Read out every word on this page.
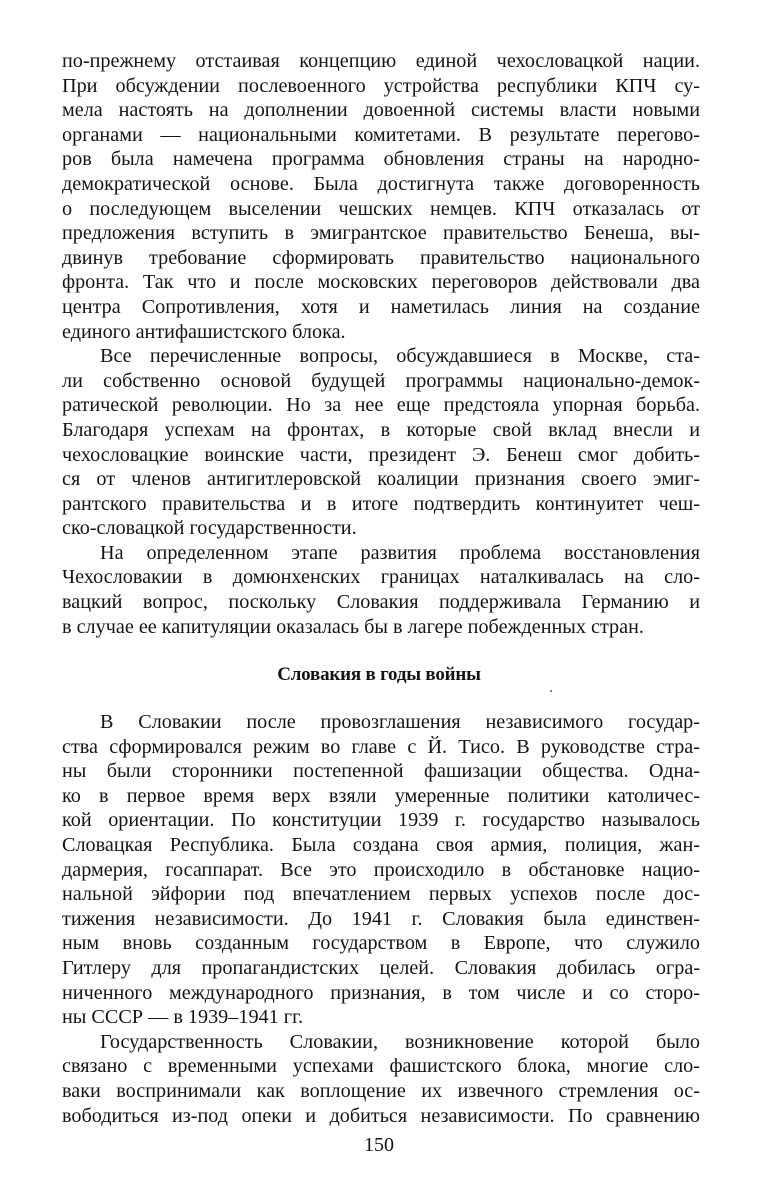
по-прежнему отстаивая концепцию единой чехословацкой нации.
При обсуждении послевоенного устройства республики КПЧ су-
мела настоять на дополнении довоенной системы власти новыми
органами — национальными комитетами. В результате перегово-
ров была намечена программа обновления страны на народно-
демократической основе. Была достигнута также договоренность
о последующем выселении чешских немцев. КПЧ отказалась от
предложения вступить в эмигрантское правительство Бенеша, вы-
двинув требование сформировать правительство национального
фронта. Так что и после московских переговоров действовали два
центра Сопротивления, хотя и наметилась линия на создание
единого антифашистского блока.
Все перечисленные вопросы, обсуждавшиеся в Москве, ста-
ли собственно основой будущей программы национально-демок-
ратической революции. Но за нее еще предстояла упорная борьба.
Благодаря успехам на фронтах, в которые свой вклад внесли и
чехословацкие воинские части, президент Э. Бенеш смог добить-
ся от членов антигитлеровской коалиции признания своего эмиг-
рантского правительства и в итоге подтвердить континуитет чеш-
ско-словацкой государственности.
На определенном этапе развития проблема восстановления
Чехословакии в домюнхенских границах наталкивалась на сло-
вацкий вопрос, поскольку Словакия поддерживала Германию и
в случае ее капитуляции оказалась бы в лагере побежденных стран.
Словакия в годы войны
В Словакии после провозглашения независимого государ-
ства сформировался режим во главе с Й. Тисо. В руководстве стра-
ны были сторонники постепенной фашизации общества. Одна-
ко в первое время верх взяли умеренные политики католичес-
кой ориентации. По конституции 1939 г. государство называлось
Словацкая Республика. Была создана своя армия, полиция, жан-
дармерия, госаппарат. Все это происходило в обстановке нацио-
нальной эйфории под впечатлением первых успехов после дос-
тижения независимости. До 1941 г. Словакия была единствен-
ным вновь созданным государством в Европе, что служило
Гитлеру для пропагандистских целей. Словакия добилась огра-
ниченного международного признания, в том числе и со сторо-
ны СССР — в 1939–1941 гг.
Государственность Словакии, возникновение которой было
связано с временными успехами фашистского блока, многие сло-
ваки воспринимали как воплощение их извечного стремления ос-
вободиться из-под опеки и добиться независимости. По сравнению
150
